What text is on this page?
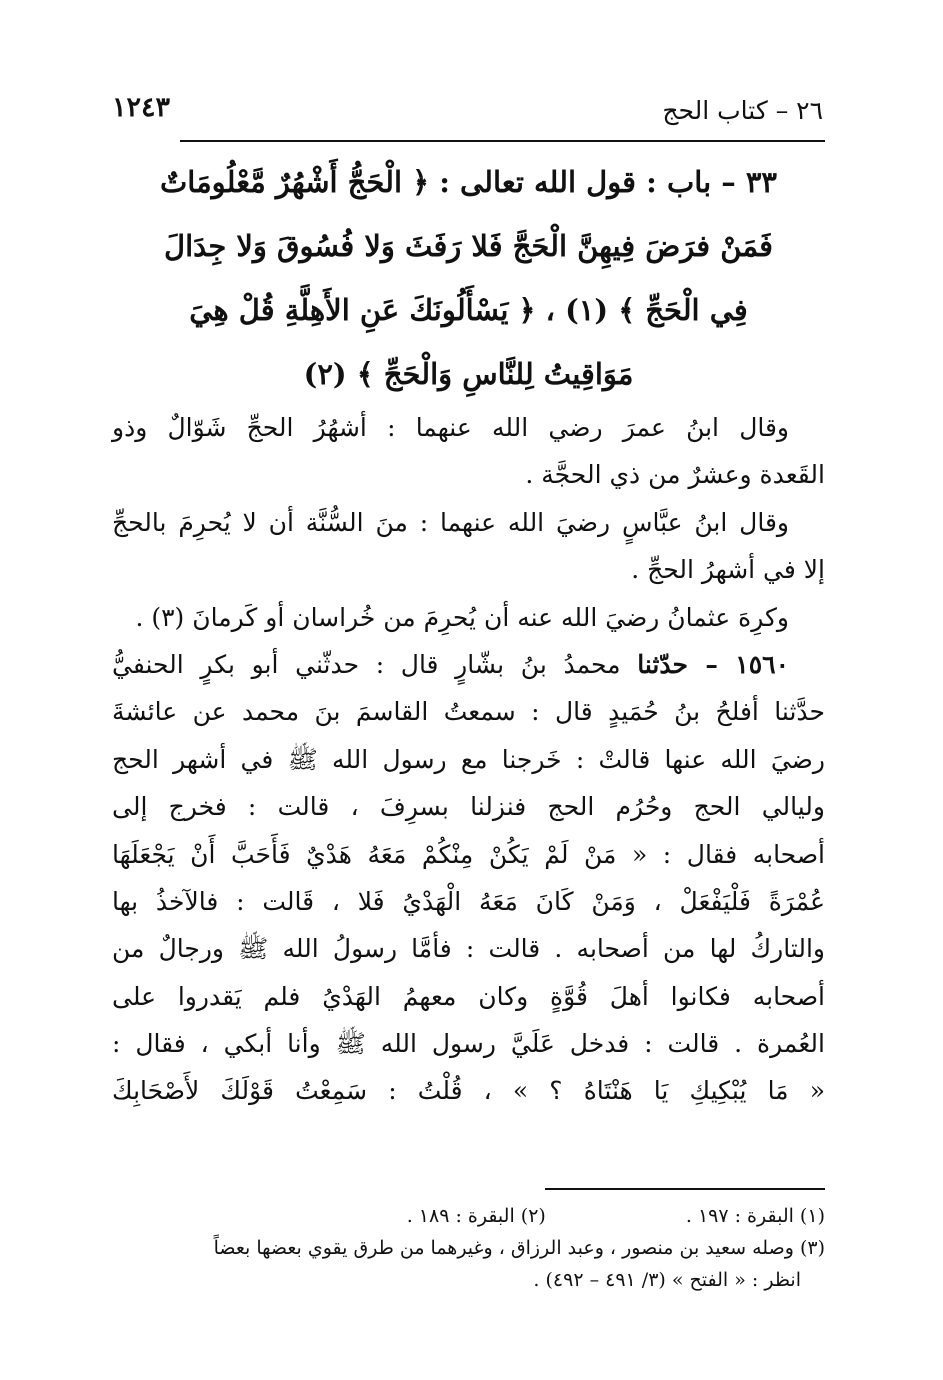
١٢٤٣	٢٦ – كتاب الحج
٣٣ – باب : قول الله تعالى : ﴿ الْحَجُّ أَشْهُرٌ مَّعْلُومَاتٌ
فَمَنْ فرَضَ فِيهِنَّ الْحَجَّ فَلا رَفَثَ وَلا فُسُوقَ وَلا جِدَالَ
فِي الْحَجِّ ﴾ (١) ، ﴿ يَسْأَلُونَكَ عَنِ الأَهِلَّةِ قُلْ هِيَ
مَوَاقِيتُ لِلنَّاسِ وَالْحَجِّ ﴾ (٢)
وقال ابنُ عمرَ رضي الله عنهما : أشهُرُ الحجِّ شَوّالٌ وذو
القَعدة وعشرٌ من ذي الحجَّة .
وقال ابنُ عبَّاسٍ رضيَ الله عنهما : منَ السُّنَّة أن لا يُحرِمَ بالحجِّ
إلا في أشهرُ الحجِّ .
وكرِهَ عثمانُ رضيَ الله عنه أن يُحرِمَ من خُراسان أو كَرمانَ (٣) .
١٥٦٠ – حدّثنا محمدُ بنُ بشّارٍ قال : حدثّني أبو بكرٍ الحنفيُّ
حدَّثنا أفلحُ بنُ حُمَيدٍ قال : سمعتُ القاسمَ بنَ محمد عن عائشةَ
رضيَ الله عنها قالتْ : خَرجنا مع رسول الله ﷺ في أشهر الحج
وليالي الحج وحُرُم الحج فنزلنا بسرِفَ ، قالت : فخرج إلى
أصحابه فقال : « مَنْ لَمْ يَكُنْ مِنْكُمْ مَعَهُ هَدْيٌ فَأَحَبَّ أَنْ يَجْعَلَهَا
عُمْرَةً فَلْيَفْعَلْ ، وَمَنْ كَانَ مَعَهُ الْهَدْيُ فَلا ، قَالت : فالآخذُ بها
والتاركُ لها من أصحابه . قالت : فأمَّا رسولُ الله ﷺ ورجالٌ من
أصحابه فكانوا أهلَ قُوَّةٍ وكان معهمُ الهَدْيُ فلم يَقدروا على
العُمرة . قالت : فدخل عَلَيَّ رسول الله ﷺ وأنا أبكي ، فقال :
« مَا يُبْكِيكِ يَا هَنْتَاهُ ؟ » ، قُلْتُ : سَمِعْتُ قَوْلَكَ لأَصْحَابِكَ
(١) البقرة : ١٩٧ .(٢) البقرة : ١٨٩ .
(٣) وصله سعيد بن منصور ، وعبد الرزاق ، وغيرهما من طرق يقوي بعضها بعضاً
انظر : « الفتح » (٣/ ٤٩١ – ٤٩٢) .
